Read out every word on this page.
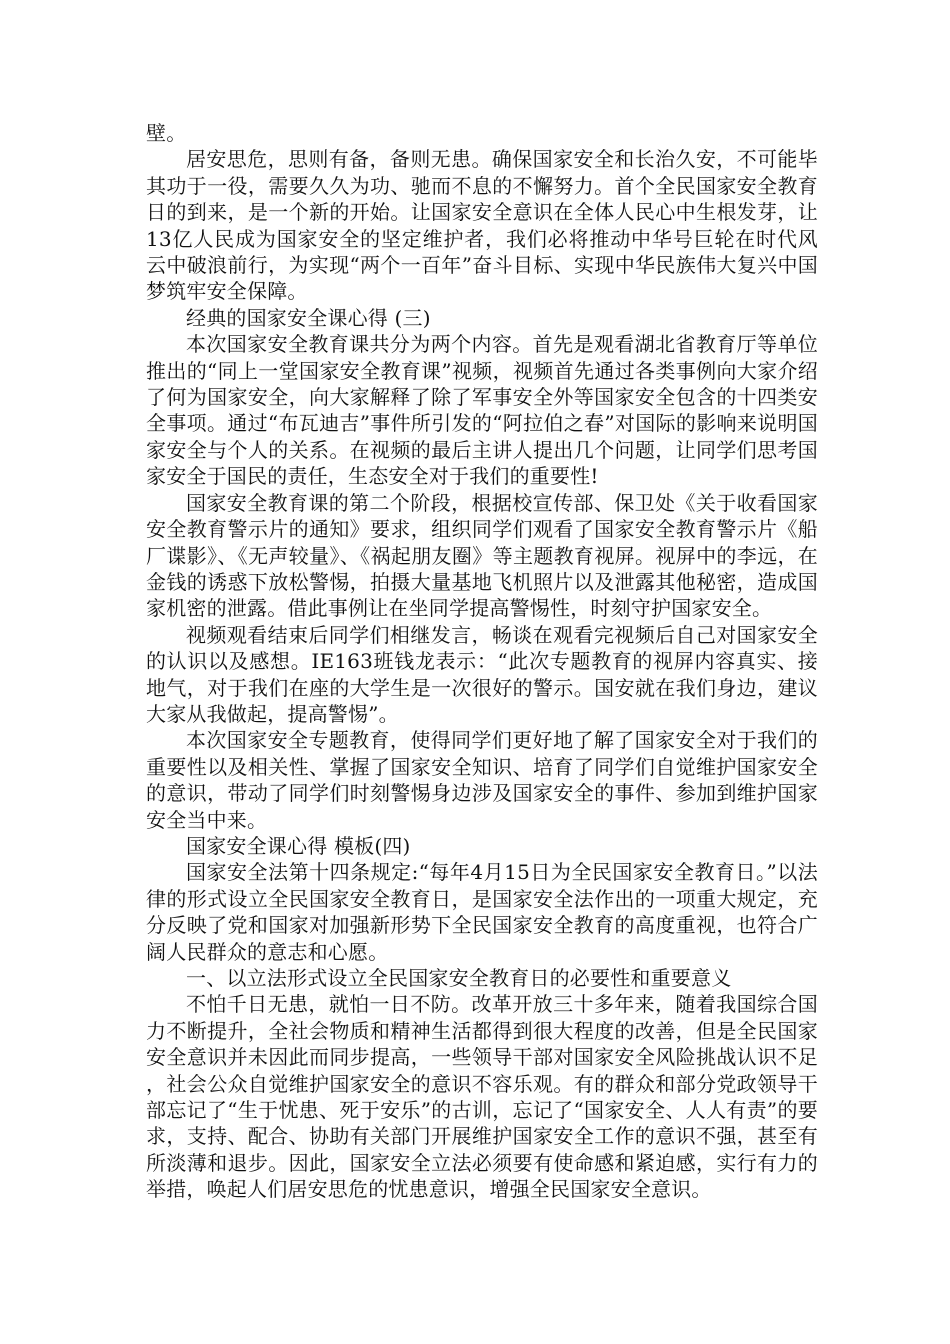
壁。

居安思危，思则有备，备则无患。确保国家安全和长治久安，不可能毕其功于一役，需要久久为功、驰而不息的不懈努力。首个全民国家安全教育日的到来，是一个新的开始。让国家安全意识在全体人民心中生根发芽，让13亿人民成为国家安全的坚定维护者，我们必将推动中华号巨轮在时代风云中破浪前行，为实现“两个一百年”奋斗目标、实现中华民族伟大复兴中国梦筑牢安全保障。

经典的国家安全课心得 (三)

本次国家安全教育课共分为两个内容。首先是观看湖北省教育厅等单位推出的“同上一堂国家安全教育课”视频，视频首先通过各类事例向大家介绍了何为国家安全，向大家解释了除了军事安全外等国家安全包含的十四类安全事项。通过“布瓦迪吉”事件所引发的“阿拉伯之春”对国际的影响来说明国家安全与个人的关系。在视频的最后主讲人提出几个问题，让同学们思考国家安全于国民的责任，生态安全对于我们的重要性!

国家安全教育课的第二个阶段，根据校宣传部、保卫处《关于收看国家安全教育警示片的通知》要求，组织同学们观看了国家安全教育警示片《船厂谍影》、《无声较量》、《祸起朋友圈》等主题教育视屏。视屏中的李远，在金钱的诱惑下放松警惕，拍摄大量基地飞机照片以及泄露其他秘密，造成国家机密的泄露。借此事例让在坐同学提高警惕性，时刻守护国家安全。

视频观看结束后同学们相继发言，畅谈在观看完视频后自己对国家安全的认识以及感想。IE163班钱龙表示：“此次专题教育的视屏内容真实、接地气，对于我们在座的大学生是一次很好的警示。国安就在我们身边，建议大家从我做起，提高警惕”。

本次国家安全专题教育，使得同学们更好地了解了国家安全对于我们的重要性以及相关性、掌握了国家安全知识、培育了同学们自觉维护国家安全的意识，带动了同学们时刻警惕身边涉及国家安全的事件、参加到维护国家安全当中来。

国家安全课心得 模板(四)

国家安全法第十四条规定:“每年4月15日为全民国家安全教育日。”以法律的形式设立全民国家安全教育日，是国家安全法作出的一项重大规定，充分反映了党和国家对加强新形势下全民国家安全教育的高度重视，也符合广阔人民群众的意志和心愿。

一、以立法形式设立全民国家安全教育日的必要性和重要意义

不怕千日无患，就怕一日不防。改革开放三十多年来，随着我国综合国力不断提升，全社会物质和精神生活都得到很大程度的改善，但是全民国家安全意识并未因此而同步提高，一些领导干部对国家安全风险挑战认识不足，社会公众自觉维护国家安全的意识不容乐观。有的群众和部分党政领导干部忘记了“生于忧患、死于安乐”的古训，忘记了“国家安全、人人有责”的要求，支持、配合、协助有关部门开展维护国家安全工作的意识不强，甚至有所淡薄和退步。因此，国家安全立法必须要有使命感和紧迫感，实行有力的举措，唤起人们居安思危的忧患意识，增强全民国家安全意识。
